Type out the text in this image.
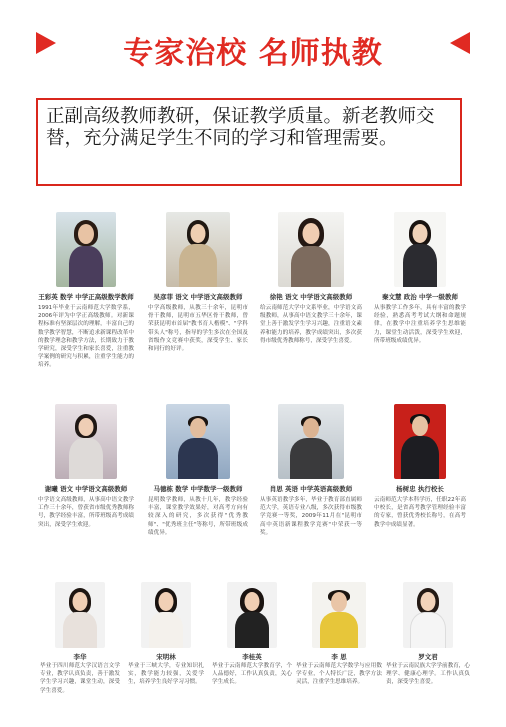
专家治校 名师执教
正副高级教师教研，保证教学质量。新老教师交替，充分满足学生不同的学习和管理需要。
王彩英 数学 中学正高级数学教师
1991年毕业于云南师范大学数学系，2006年评为中学正高级教师。对新课程标准有坚深层次的理解，丰富自己的数学教学智慧，不断追求新课程改革中的教学理念和教学方法，长期致力于教学研究，深受学生和家长喜爱，注重教学案例的研究与积累，注重学生能力的培养。
吴彦菲 语文 中学语文高级教师
中学高级教师，从教三十余年，昆明市骨干教师，昆明市五华区骨干教师，曾荣获昆明市首届"教书育人楷模"、"学科带头人"称号，指导的学生多次在全国及省级作文竞赛中获奖，深受学生、家长和同行的好评。
徐艳 语文 中学语文高级教师
给云南师范大学中文系毕业，中学语文高级教师，从事高中语文教学三十余年，课堂上善于激发学生学习兴趣，注重语文素养和能力的培养，教学成绩突出，多次获得市级优秀教师称号，深受学生喜爱。
秦文慧 政治 中学一级教师
从事教学工作多年，具有丰富的教学经验，熟悉高考考试大纲和命题规律，在教学中注重培养学生思维能力，课堂生动活泼，深受学生欢迎，所带班级成绩优异。
谢曦 语文 中学语文高级教师
中学语文高级教师，从事高中语文教学工作三十余年，曾获省市级优秀教师称号，教学经验丰富，所带班级高考成绩突出，深受学生欢迎。
马德栋 数学 中学数学一级教师
昆明数学教师，从教十几年，教学经验丰富，课堂教学效果好，对高考方向有较深入的研究，多次获得"优秀教师"、"优秀班主任"等称号，所带班级成绩优异。
肖思 英语 中学英语高级教师
从事英语教学多年，毕业于教育部直属师范大学，英语专业八级，多次获得市级教学竞赛一等奖，2009年11月在"昆明市高中英语新课程教学竞赛"中荣获一等奖。
杨树忠 执行校长
云南师范大学本科学历，任职22年高中校长，是省高考教学管理经验丰富的专家，曾获优秀校长称号，在高考教学中成绩显著。
李华
毕业于四川师范大学汉语言文学专业，教学认真负责，善于激发学生学习兴趣，课堂生动，深受学生喜爱。
宋明林
毕业于三峡大学，专业知识扎实，教学能力较强，关爱学生，培养学生良好学习习惯。
李桂英
毕业于云南师范大学教育学，个人品德好，工作认真负责，关心学生成长。
李 思
毕业于云南师范大学数学与应用数学专业，个人特长广泛，教学方法灵活，注重学生思维培养。
罗文君
毕业于云南民族大学学前教育，心理学、健康心理学。工作认真负责，深受学生喜爱。
